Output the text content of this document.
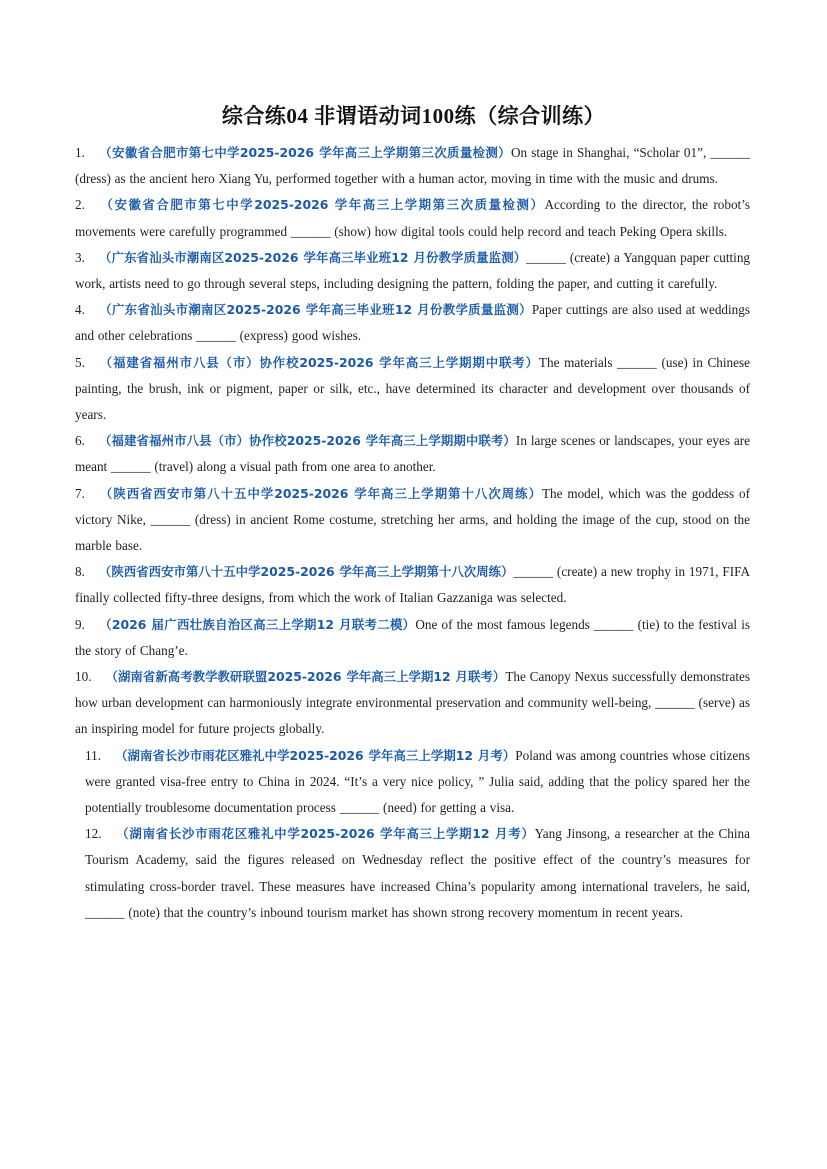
综合练04 非谓语动词100练（综合训练）

1. （安徽省合肥市第七中学2025-2026 学年高三上学期第三次质量检测）On stage in Shanghai, “Scholar 01”, ______ (dress) as the ancient hero Xiang Yu, performed together with a human actor, moving in time with the music and drums.

2. （安徽省合肥市第七中学2025-2026 学年高三上学期第三次质量检测）According to the director, the robot’s movements were carefully programmed ______ (show) how digital tools could help record and teach Peking Opera skills.

3. （广东省汕头市潮南区2025-2026 学年高三毕业班12 月份教学质量监测）______ (create) a Yangquan paper cutting work, artists need to go through several steps, including designing the pattern, folding the paper, and cutting it carefully.

4. （广东省汕头市潮南区2025-2026 学年高三毕业班12 月份教学质量监测）Paper cuttings are also used at weddings and other celebrations ______ (express) good wishes.

5. （福建省福州市八县（市）协作校2025-2026 学年高三上学期期中联考）The materials ______ (use) in Chinese painting, the brush, ink or pigment, paper or silk, etc., have determined its character and development over thousands of years.

6. （福建省福州市八县（市）协作校2025-2026 学年高三上学期期中联考）In large scenes or landscapes, your eyes are meant ______ (travel) along a visual path from one area to another.

7. （陕西省西安市第八十五中学2025-2026 学年高三上学期第十八次周练）The model, which was the goddess of victory Nike, ______ (dress) in ancient Rome costume, stretching her arms, and holding the image of the cup, stood on the marble base.

8. （陕西省西安市第八十五中学2025-2026 学年高三上学期第十八次周练）______ (create) a new trophy in 1971, FIFA finally collected fifty-three designs, from which the work of Italian Gazzaniga was selected.

9. （2026 届广西壮族自治区高三上学期12 月联考二模）One of the most famous legends ______ (tie) to the festival is the story of Chang’e.

10. （湖南省新高考教学教研联盟2025-2026 学年高三上学期12 月联考）The Canopy Nexus successfully demonstrates how urban development can harmoniously integrate environmental preservation and community well-being, ______ (serve) as an inspiring model for future projects globally.

11. （湖南省长沙市雨花区雅礼中学2025-2026 学年高三上学期12 月考）Poland was among countries whose citizens were granted visa-free entry to China in 2024. “It’s a very nice policy, ” Julia said, adding that the policy spared her the potentially troublesome documentation process ______ (need) for getting a visa.

12. （湖南省长沙市雨花区雅礼中学2025-2026 学年高三上学期12 月考）Yang Jinsong, a researcher at the China Tourism Academy, said the figures released on Wednesday reflect the positive effect of the country’s measures for stimulating cross-border travel. These measures have increased China’s popularity among international travelers, he said, ______ (note) that the country’s inbound tourism market has shown strong recovery momentum in recent years.
